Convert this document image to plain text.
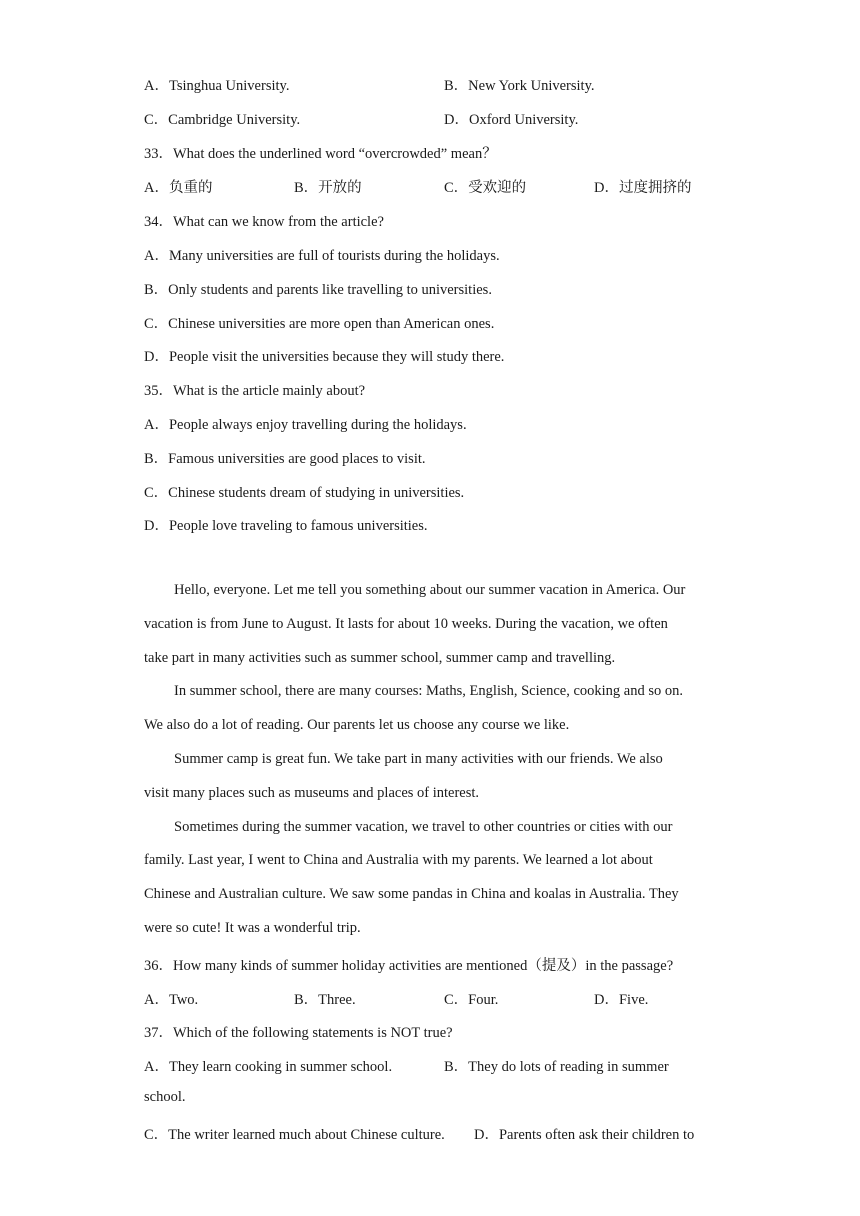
A．Tsinghua University.	B．New York University.
C．Cambridge University.	D．Oxford University.
33．What does the underlined word “overcrowded” mean？
A．负重的	B．开放的	C．受欢迎的	D．过度拥挤的
34．What can we know from the article?
A．Many universities are full of tourists during the holidays.
B．Only students and parents like travelling to universities.
C．Chinese universities are more open than American ones.
D．People visit the universities because they will study there.
35．What is the article mainly about?
A．People always enjoy travelling during the holidays.
B．Famous universities are good places to visit.
C．Chinese students dream of studying in universities.
D．People love traveling to famous universities.
Hello, everyone. Let me tell you something about our summer vacation in America. Our
vacation is from June to August. It lasts for about 10 weeks. During the vacation, we often
take part in many activities such as summer school, summer camp and travelling.
In summer school, there are many courses: Maths, English, Science, cooking and so on.
We also do a lot of reading. Our parents let us choose any course we like.
Summer camp is great fun. We take part in many activities with our friends. We also
visit many places such as museums and places of interest.
Sometimes during the summer vacation, we travel to other countries or cities with our
family. Last year, I went to China and Australia with my parents. We learned a lot about
Chinese and Australian culture. We saw some pandas in China and koalas in Australia. They
were so cute! It was a wonderful trip.
36．How many kinds of summer holiday activities are mentioned（提及）in the passage?
A．Two.	B．Three.	C．Four.	D．Five.
37．Which of the following statements is NOT true?
A．They learn cooking in summer school.	B．They do lots of reading in summer
school.
C．The writer learned much about Chinese culture. D．Parents often ask their children to
